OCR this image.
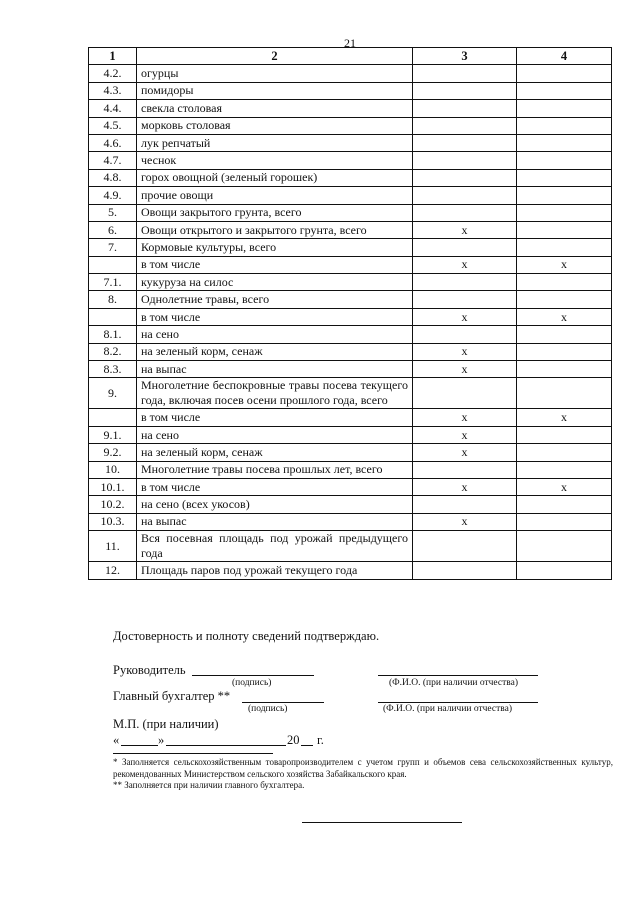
21
1	2	3	4
4.2.	огурцы		
4.3.	помидоры		
4.4.	свекла столовая		
4.5.	морковь столовая		
4.6.	лук репчатый		
4.7.	чеснок		
4.8.	горох овощной (зеленый горошек)		
4.9.	прочие овощи		
5.	Овощи закрытого грунта, всего		
6.	Овощи открытого и закрытого грунта, всего	x	
7.	Кормовые культуры, всего		
	в том числе	x	x
7.1.	кукуруза на силос		
8.	Однолетние травы, всего		
	в том числе	x	x
8.1.	на сено		
8.2.	на зеленый корм, сенаж	x	
8.3.	на выпас	x	
9.	Многолетние беспокровные травы посева текущего года, включая посев осени прошлого года, всего		
	в том числе	x	x
9.1.	на сено	x	
9.2.	на зеленый корм, сенаж	x	
10.	Многолетние травы посева прошлых лет, всего		
10.1.	в том числе	x	x
10.2.	на сено (всех укосов)		
10.3.	на выпас	x	
11.	Вся посевная площадь под урожай предыдущего года		
12.	Площадь паров под урожай текущего года		
Достоверность и полноту сведений подтверждаю.
Руководитель
(подпись)	(Ф.И.О. (при наличии отчества)
Главный бухгалтер **
(подпись)	(Ф.И.О. (при наличии отчества)
М.П. (при наличии)
«	»	20 г.
* Заполняется сельскохозяйственным товаропроизводителем с учетом групп и объемов сева сельскохозяйственных культур, рекомендованных Министерством сельского хозяйства Забайкальского края.
** Заполняется при наличии главного бухгалтера.
